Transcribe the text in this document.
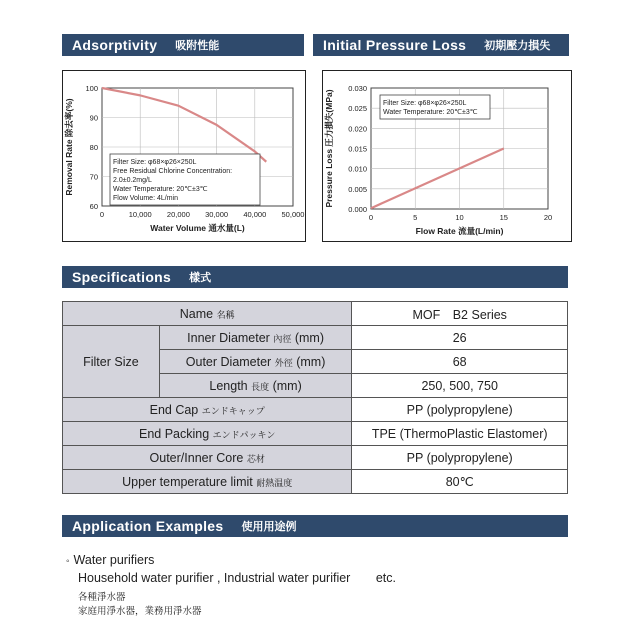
Adsorptivity 吸附性能	Initial Pressure Loss 初期壓力損失
0	10,000 20,000 30,000 40,000 50,000
60
70
80
90
100
Filter Size: φ68×φ26×250L
Free Residual Chlorine Concentration:
2.0±0.2mg/L
Water Temperature: 20℃±3℃
Flow Volume: 4L/min
Water Volume 通水量(L)
Removal Rate 除去率(%)
0	5	10	15	20
0.000
0.005
0.010
0.015
0.020
0.025
0.030
Filter Size: φ68×φ26×250L
Water Temperature: 20℃±3℃
Flow Rate 流量(L/min)
Pressure Loss 圧力損失(MPa)
Specifications 樣式
Name 名稱		MOF　B2 Series
Filter Size	Inner Diameter 內徑 (mm)	26
	Outer Diameter 外徑 (mm)	68
	Length 長度 (mm)	250, 500, 750
End Cap エンドキャップ		PP (polypropylene)
End Packing エンドパッキン		TPE (ThermoPlastic Elastomer)
Outer/Inner Core 芯材		PP (polypropylene)
Upper temperature limit 耐熱温度		80℃
Application Examples 使用用途例
◦ Water purifiers
Household water purifier , Industrial water purifier etc.
各種淨水器
家庭用淨水器，業務用淨水器
